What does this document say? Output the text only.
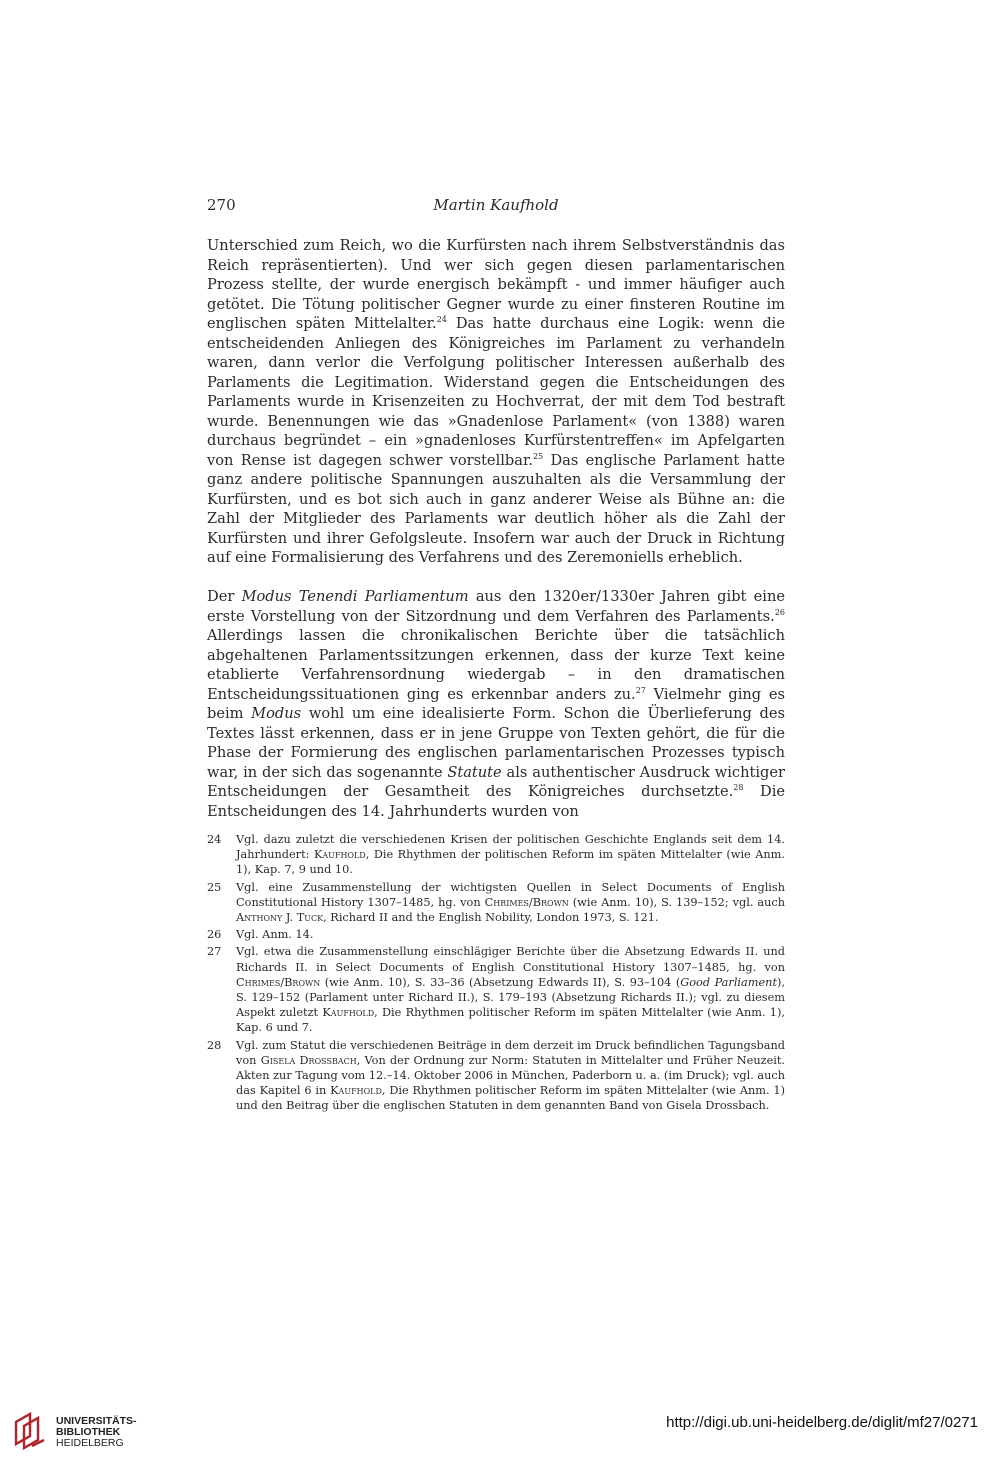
270	Martin Kaufhold

Unterschied zum Reich, wo die Kurfürsten nach ihrem Selbstverständnis das Reich repräsentierten). Und wer sich gegen diesen parlamentarischen Prozess stellte, der wurde energisch bekämpft - und immer häufiger auch getötet. Die Tötung politischer Gegner wurde zu einer finsteren Routine im englischen späten Mittelalter.$^{24}$ Das hatte durchaus eine Logik: wenn die entscheidenden Anliegen des Königreiches im Parlament zu verhandeln waren, dann verlor die Verfolgung politischer Interessen außerhalb des Parlaments die Legitimation. Widerstand gegen die Entscheidungen des Parlaments wurde in Krisenzeiten zu Hochverrat, der mit dem Tod bestraft wurde. Benennungen wie das »Gnadenlose Parlament« (von 1388) waren durchaus begründet – ein »gnadenloses Kurfürstentreffen« im Apfelgarten von Rense ist dagegen schwer vorstellbar.$^{25}$ Das englische Parlament hatte ganz andere politische Spannungen auszuhalten als die Versammlung der Kurfürsten, und es bot sich auch in ganz anderer Weise als Bühne an: die Zahl der Mitglieder des Parlaments war deutlich höher als die Zahl der Kurfürsten und ihrer Gefolgsleute. Insofern war auch der Druck in Richtung auf eine Formalisierung des Verfahrens und des Zeremoniells erheblich.

Der Modus Tenendi Parliamentum aus den 1320er/1330er Jahren gibt eine erste Vorstellung von der Sitzordnung und dem Verfahren des Parlaments.$^{26}$ Allerdings lassen die chronikalischen Berichte über die tatsächlich abgehaltenen Parlamentssitzungen erkennen, dass der kurze Text keine etablierte Verfahrensordnung wiedergab – in den dramatischen Entscheidungssituationen ging es erkennbar anders zu.$^{27}$ Vielmehr ging es beim Modus wohl um eine idealisierte Form. Schon die Überlieferung des Textes lässt erkennen, dass er in jene Gruppe von Texten gehört, die für die Phase der Formierung des englischen parlamentarischen Prozesses typisch war, in der sich das sogenannte Statute als authentischer Ausdruck wichtiger Entscheidungen der Gesamtheit des Königreiches durchsetzte.$^{28}$ Die Entscheidungen des 14. Jahrhunderts wurden von

24	Vgl. dazu zuletzt die verschiedenen Krisen der politischen Geschichte Englands seit dem 14. Jahrhundert: Kaufhold, Die Rhythmen der politischen Reform im späten Mittelalter (wie Anm. 1), Kap. 7, 9 und 10.
25	Vgl. eine Zusammenstellung der wichtigsten Quellen in Select Documents of English Constitutional History 1307–1485, hg. von Chrimes/Brown (wie Anm. 10), S. 139–152; vgl. auch Anthony J. Tuck, Richard II and the English Nobility, London 1973, S. 121.
26	Vgl. Anm. 14.
27	Vgl. etwa die Zusammenstellung einschlägiger Berichte über die Absetzung Edwards II. und Richards II. in Select Documents of English Constitutional History 1307–1485, hg. von Chrimes/Brown (wie Anm. 10), S. 33–36 (Absetzung Edwards II), S. 93–104 (Good Parliament), S. 129–152 (Parlament unter Richard II.), S. 179–193 (Absetzung Richards II.); vgl. zu diesem Aspekt zuletzt Kaufhold, Die Rhythmen politischer Reform im späten Mittelalter (wie Anm. 1), Kap. 6 und 7.
28	Vgl. zum Statut die verschiedenen Beiträge in dem derzeit im Druck befindlichen Tagungsband von Gisela Drossbach, Von der Ordnung zur Norm: Statuten in Mittelalter und Früher Neuzeit. Akten zur Tagung vom 12.–14. Oktober 2006 in München, Paderborn u. a. (im Druck); vgl. auch das Kapitel 6 in Kaufhold, Die Rhythmen politischer Reform im späten Mittelalter (wie Anm. 1) und den Beitrag über die englischen Statuten in dem genannten Band von Gisela Drossbach.
UNIVERSITÄTS-
BIBLIOTHEK
HEIDELBERG
http://digi.ub.uni-heidelberg.de/diglit/mf27/0271
